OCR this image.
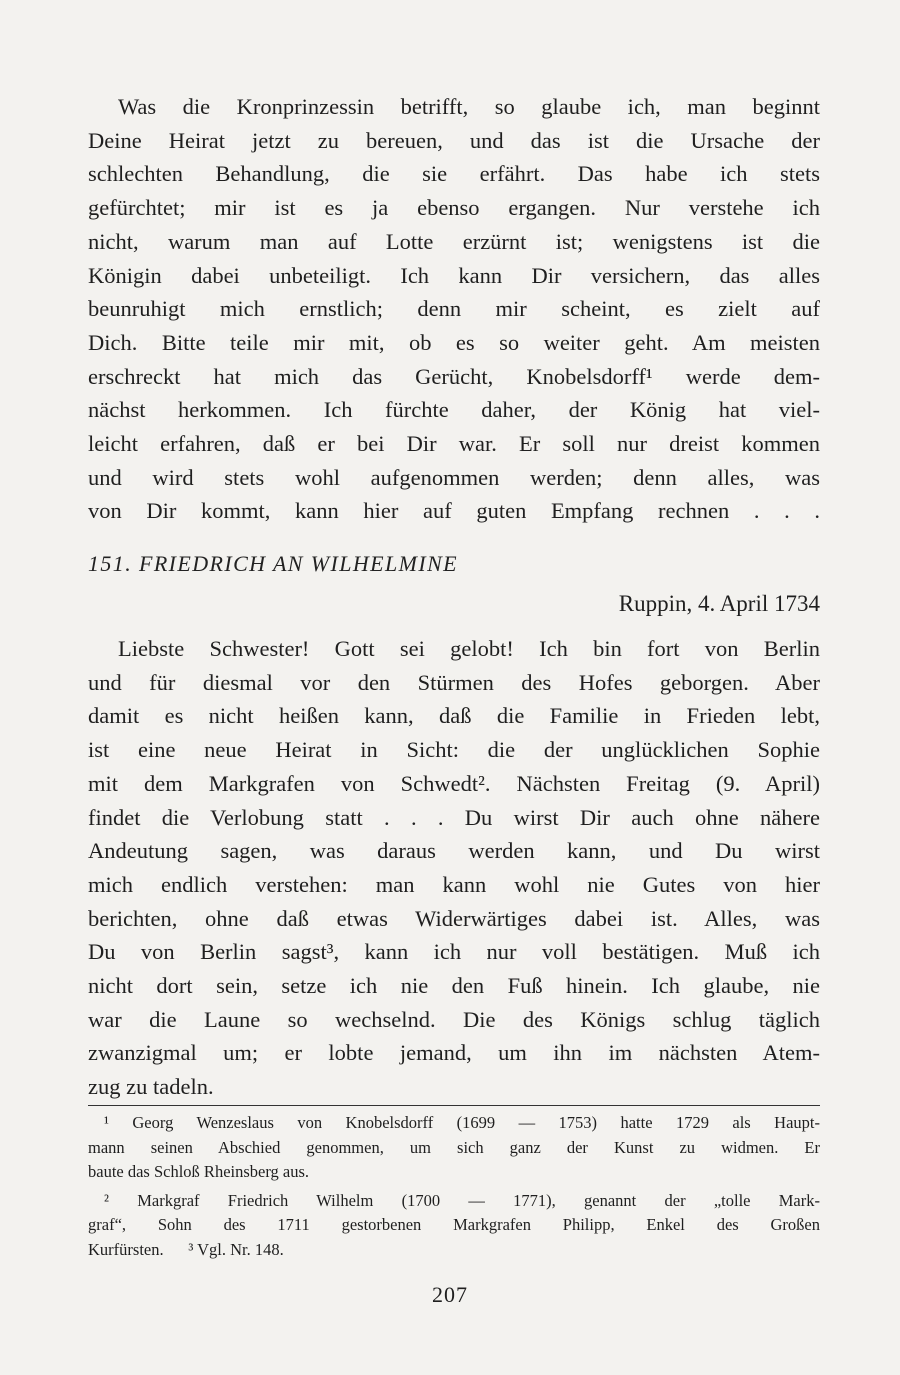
Was die Kronprinzessin betrifft, so glaube ich, man beginnt
Deine Heirat jetzt zu bereuen, und das ist die Ursache der
schlechten Behandlung, die sie erfährt. Das habe ich stets
gefürchtet; mir ist es ja ebenso ergangen. Nur verstehe ich
nicht, warum man auf Lotte erzürnt ist; wenigstens ist die
Königin dabei unbeteiligt. Ich kann Dir versichern, das alles
beunruhigt mich ernstlich; denn mir scheint, es zielt auf
Dich. Bitte teile mir mit, ob es so weiter geht. Am meisten
erschreckt hat mich das Gerücht, Knobelsdorff¹ werde dem-
nächst herkommen. Ich fürchte daher, der König hat viel-
leicht erfahren, daß er bei Dir war. Er soll nur dreist kommen
und wird stets wohl aufgenommen werden; denn alles, was
von Dir kommt, kann hier auf guten Empfang rechnen . . .
151. FRIEDRICH AN WILHELMINE

Ruppin, 4. April 1734

Liebste Schwester! Gott sei gelobt! Ich bin fort von Berlin
und für diesmal vor den Stürmen des Hofes geborgen. Aber
damit es nicht heißen kann, daß die Familie in Frieden lebt,
ist eine neue Heirat in Sicht: die der unglücklichen Sophie
mit dem Markgrafen von Schwedt². Nächsten Freitag (9. April)
findet die Verlobung statt . . . Du wirst Dir auch ohne nähere
Andeutung sagen, was daraus werden kann, und Du wirst
mich endlich verstehen: man kann wohl nie Gutes von hier
berichten, ohne daß etwas Widerwärtiges dabei ist. Alles, was
Du von Berlin sagst³, kann ich nur voll bestätigen. Muß ich
nicht dort sein, setze ich nie den Fuß hinein. Ich glaube, nie
war die Laune so wechselnd. Die des Königs schlug täglich
zwanzigmal um; er lobte jemand, um ihn im nächsten Atem-
zug zu tadeln.
¹ Georg Wenzeslaus von Knobelsdorff (1699 — 1753) hatte 1729 als Haupt-
mann seinen Abschied genommen, um sich ganz der Kunst zu widmen. Er
baute das Schloß Rheinsberg aus.
² Markgraf Friedrich Wilhelm (1700 — 1771), genannt der „tolle Mark-
graf“, Sohn des 1711 gestorbenen Markgrafen Philipp, Enkel des Großen
Kurfürsten.      ³ Vgl. Nr. 148.
207
